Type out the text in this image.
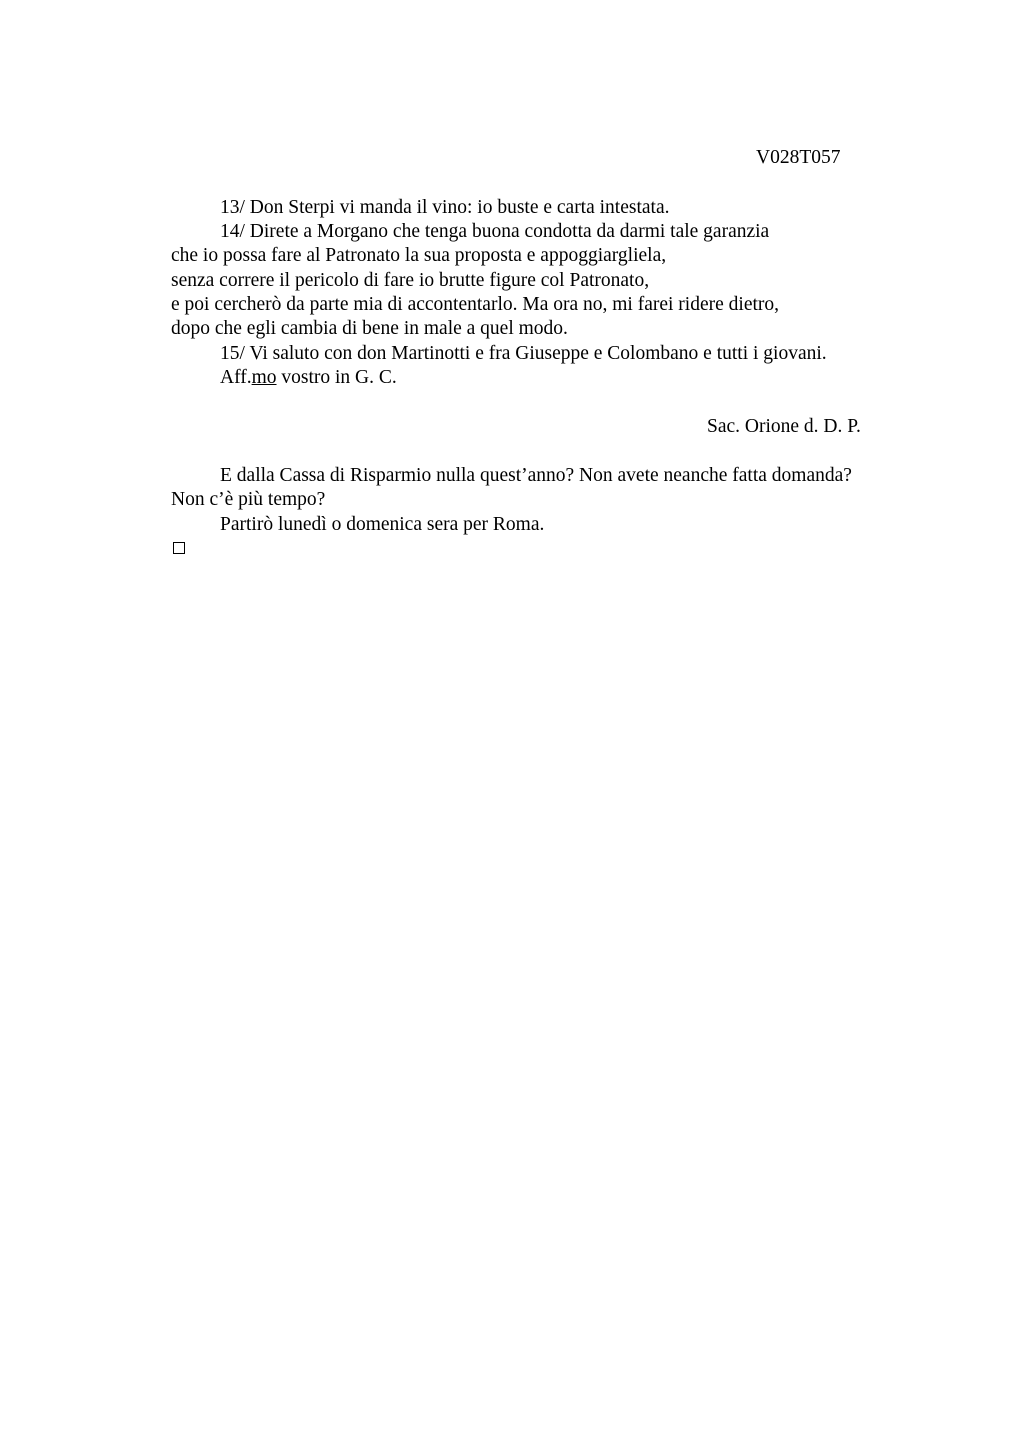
V028T057
13/ Don Sterpi vi manda il vino: io buste e carta intestata.
14/ Direte a Morgano che tenga buona condotta da darmi tale garanzia
che io possa fare al Patronato la sua proposta e appoggiargliela,
senza correre il pericolo di fare io brutte figure col Patronato,
e poi cercherò da parte mia di accontentarlo. Ma ora no, mi farei ridere dietro,
dopo che egli cambia di bene in male a quel modo.
15/ Vi saluto con don Martinotti e fra Giuseppe e Colombano e tutti i giovani.
Aff.mo vostro in G. C.
Sac. Orione d. D. P.
E dalla Cassa di Risparmio nulla quest’anno? Non avete neanche fatta domanda?
Non c’è più tempo?
Partirò lunedì o domenica sera per Roma.
